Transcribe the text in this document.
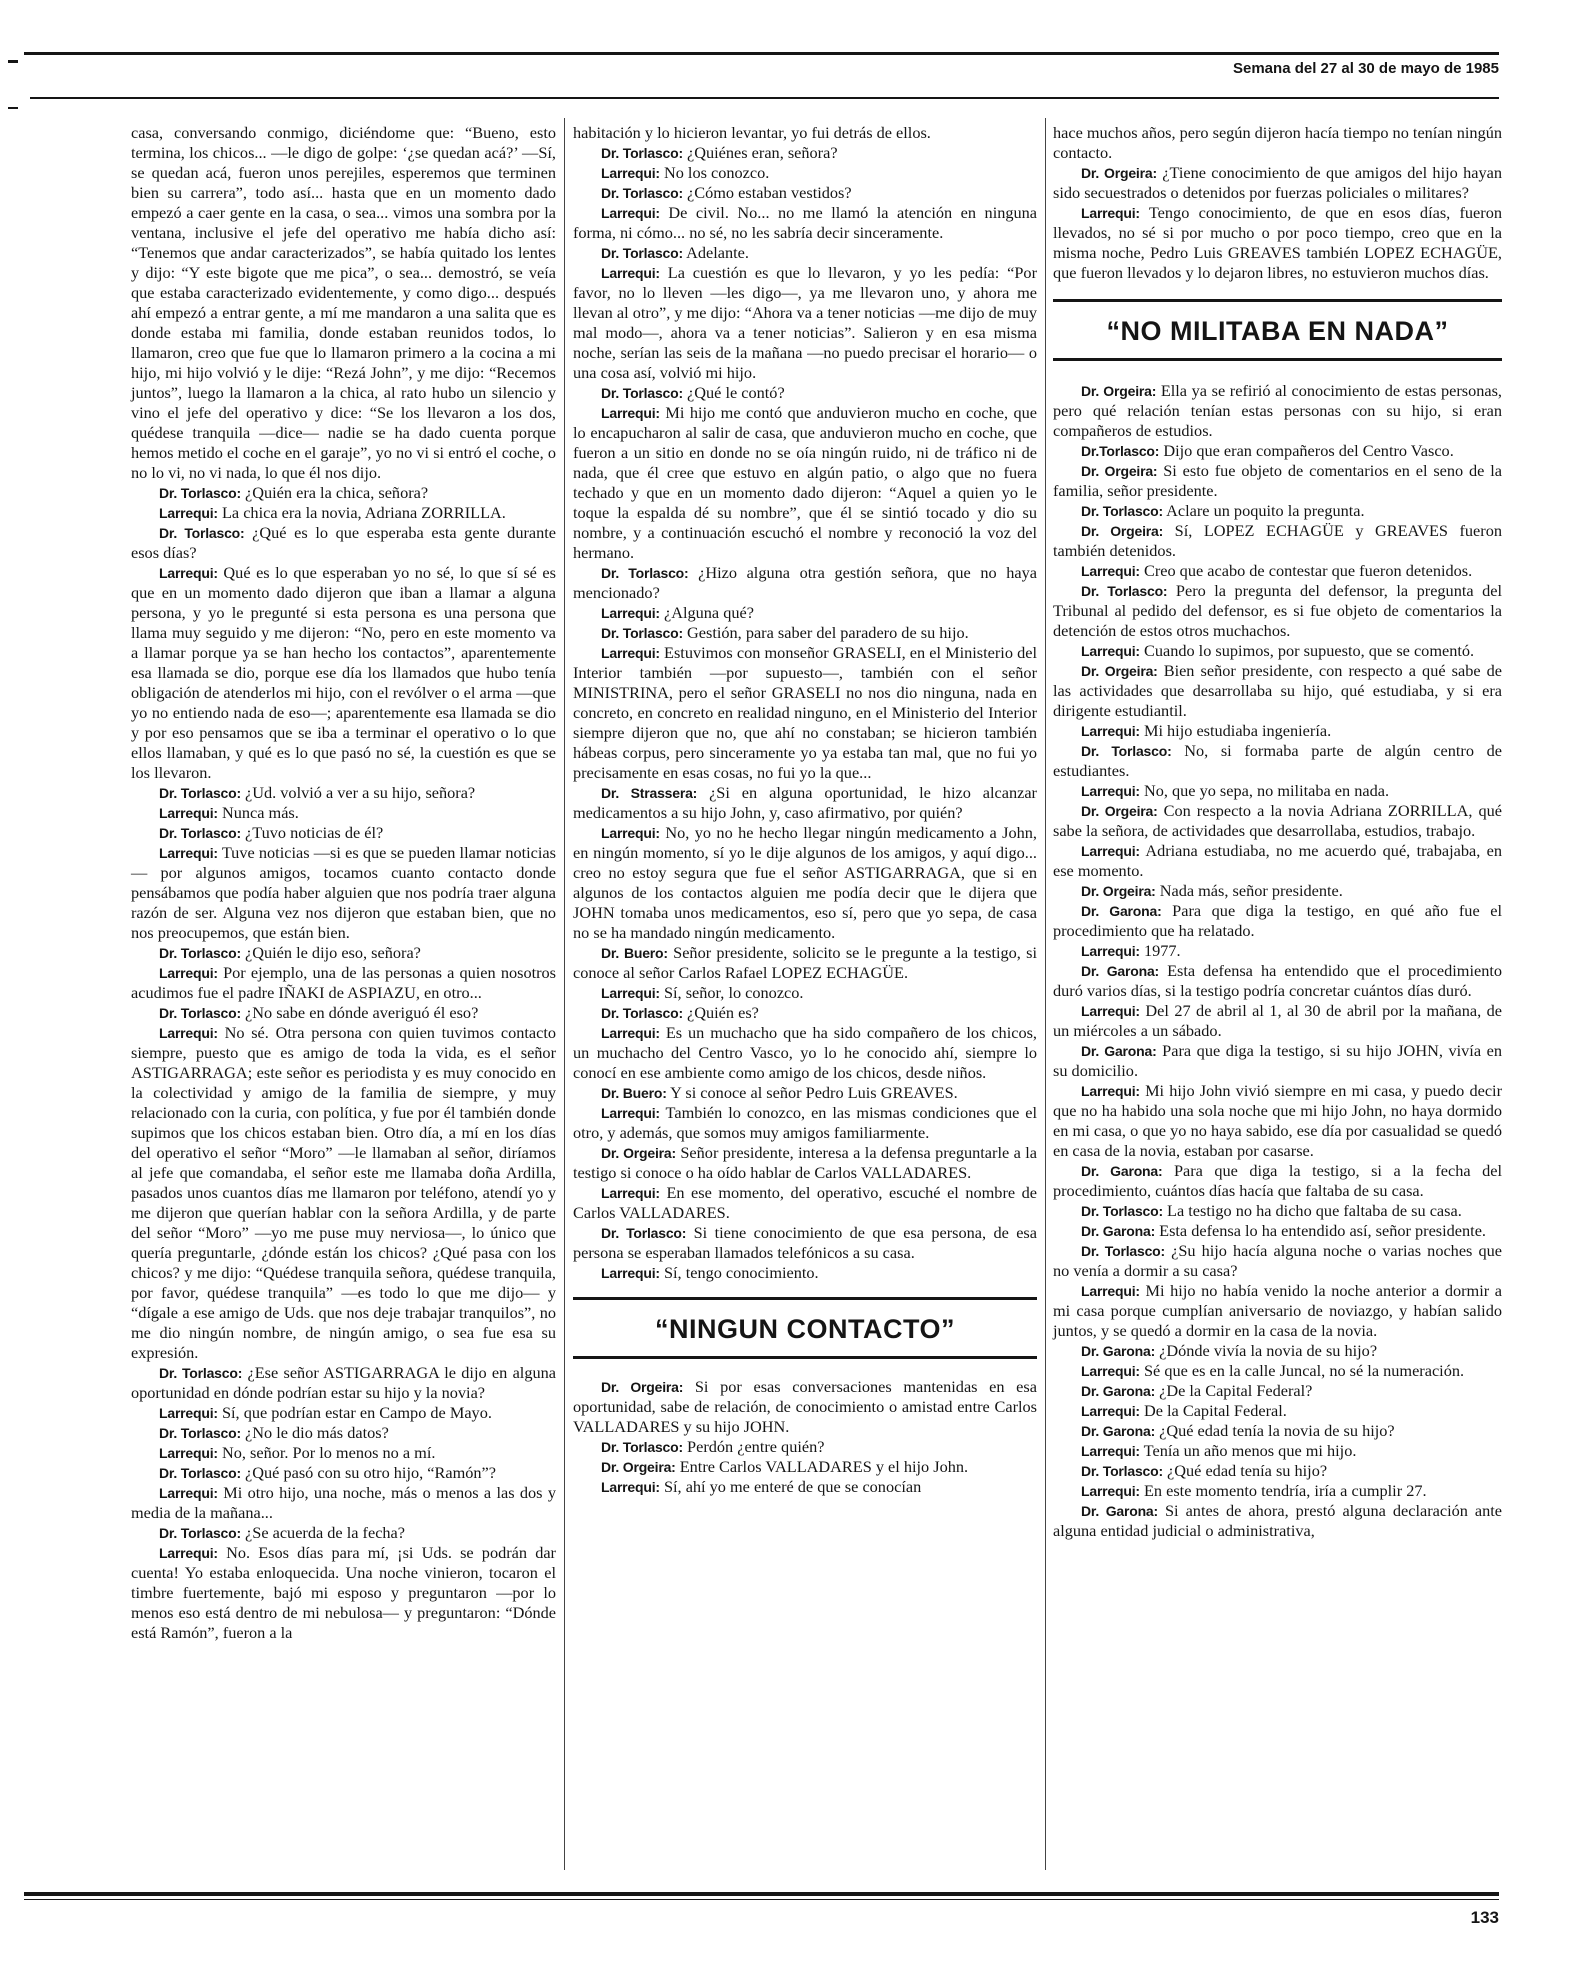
Semana del 27 al 30 de mayo de 1985

casa, conversando conmigo, diciéndome que: “Bueno, esto termina, los chicos... —le digo de golpe: ‘¿se quedan acá?’ —Sí, se quedan acá, fueron unos perejiles, esperemos que terminen bien su carrera”, todo así... hasta que en un momento dado empezó a caer gente en la casa, o sea... vimos una sombra por la ventana, inclusive el jefe del operativo me había dicho así: “Tenemos que andar caracterizados”, se había quitado los lentes y dijo: “Y este bigote que me pica”, o sea... demostró, se veía que estaba caracterizado evidentemente, y como digo... después ahí empezó a entrar gente, a mí me mandaron a una salita que es donde estaba mi familia, donde estaban reunidos todos, lo llamaron, creo que fue que lo llamaron primero a la cocina a mi hijo, mi hijo volvió y le dije: “Rezá John”, y me dijo: “Recemos juntos”, luego la llamaron a la chica, al rato hubo un silencio y vino el jefe del operativo y dice: “Se los llevaron a los dos, quédese tranquila —dice— nadie se ha dado cuenta porque hemos metido el coche en el garaje”, yo no vi si entró el coche, o no lo vi, no vi nada, lo que él nos dijo.

Dr. Torlasco: ¿Quién era la chica, señora?

Larrequi: La chica era la novia, Adriana ZORRILLA.

Dr. Torlasco: ¿Qué es lo que esperaba esta gente durante esos días?

Larrequi: Qué es lo que esperaban yo no sé, lo que sí sé es que en un momento dado dijeron que iban a llamar a alguna persona, y yo le pregunté si esta persona es una persona que llama muy seguido y me dijeron: “No, pero en este momento va a llamar porque ya se han hecho los contactos”, aparentemente esa llamada se dio, porque ese día los llamados que hubo tenía obligación de atenderlos mi hijo, con el revólver o el arma —que yo no entiendo nada de eso—; aparentemente esa llamada se dio y por eso pensamos que se iba a terminar el operativo o lo que ellos llamaban, y qué es lo que pasó no sé, la cuestión es que se los llevaron.

Dr. Torlasco: ¿Ud. volvió a ver a su hijo, señora?

Larrequi: Nunca más.

Dr. Torlasco: ¿Tuvo noticias de él?

Larrequi: Tuve noticias —si es que se pueden llamar noticias— por algunos amigos, tocamos cuanto contacto donde pensábamos que podía haber alguien que nos podría traer alguna razón de ser. Alguna vez nos dijeron que estaban bien, que no nos preocupemos, que están bien.

Dr. Torlasco: ¿Quién le dijo eso, señora?

Larrequi: Por ejemplo, una de las personas a quien nosotros acudimos fue el padre IÑAKI de ASPIAZU, en otro...

Dr. Torlasco: ¿No sabe en dónde averiguó él eso?

Larrequi: No sé. Otra persona con quien tuvimos contacto siempre, puesto que es amigo de toda la vida, es el señor ASTIGARRAGA; este señor es periodista y es muy conocido en la colectividad y amigo de la familia de siempre, y muy relacionado con la curia, con política, y fue por él también donde supimos que los chicos estaban bien. Otro día, a mí en los días del operativo el señor “Moro” —le llamaban al señor, diríamos al jefe que comandaba, el señor este me llamaba doña Ardilla, pasados unos cuantos días me llamaron por teléfono, atendí yo y me dijeron que querían hablar con la señora Ardilla, y de parte del señor “Moro” —yo me puse muy nerviosa—, lo único que quería preguntarle, ¿dónde están los chicos? ¿Qué pasa con los chicos? y me dijo: “Quédese tranquila señora, quédese tranquila, por favor, quédese tranquila” —es todo lo que me dijo— y “dígale a ese amigo de Uds. que nos deje trabajar tranquilos”, no me dio ningún nombre, de ningún amigo, o sea fue esa su expresión.

Dr. Torlasco: ¿Ese señor ASTIGARRAGA le dijo en alguna oportunidad en dónde podrían estar su hijo y la novia?

Larrequi: Sí, que podrían estar en Campo de Mayo.

Dr. Torlasco: ¿No le dio más datos?

Larrequi: No, señor. Por lo menos no a mí.

Dr. Torlasco: ¿Qué pasó con su otro hijo, “Ramón”?

Larrequi: Mi otro hijo, una noche, más o menos a las dos y media de la mañana...

Dr. Torlasco: ¿Se acuerda de la fecha?

Larrequi: No. Esos días para mí, ¡si Uds. se podrán dar cuenta! Yo estaba enloquecida. Una noche vinieron, tocaron el timbre fuertemente, bajó mi esposo y preguntaron —por lo menos eso está dentro de mi nebulosa— y preguntaron: “Dónde está Ramón”, fueron a la

habitación y lo hicieron levantar, yo fui detrás de ellos.

Dr. Torlasco: ¿Quiénes eran, señora?

Larrequi: No los conozco.

Dr. Torlasco: ¿Cómo estaban vestidos?

Larrequi: De civil. No... no me llamó la atención en ninguna forma, ni cómo... no sé, no les sabría decir sinceramente.

Dr. Torlasco: Adelante.

Larrequi: La cuestión es que lo llevaron, y yo les pedía: “Por favor, no lo lleven —les digo—, ya me llevaron uno, y ahora me llevan al otro”, y me dijo: “Ahora va a tener noticias —me dijo de muy mal modo—, ahora va a tener noticias”. Salieron y en esa misma noche, serían las seis de la mañana —no puedo precisar el horario— o una cosa así, volvió mi hijo.

Dr. Torlasco: ¿Qué le contó?

Larrequi: Mi hijo me contó que anduvieron mucho en coche, que lo encapucharon al salir de casa, que anduvieron mucho en coche, que fueron a un sitio en donde no se oía ningún ruido, ni de tráfico ni de nada, que él cree que estuvo en algún patio, o algo que no fuera techado y que en un momento dado dijeron: “Aquel a quien yo le toque la espalda dé su nombre”, que él se sintió tocado y dio su nombre, y a continuación escuchó el nombre y reconoció la voz del hermano.

Dr. Torlasco: ¿Hizo alguna otra gestión señora, que no haya mencionado?

Larrequi: ¿Alguna qué?

Dr. Torlasco: Gestión, para saber del paradero de su hijo.

Larrequi: Estuvimos con monseñor GRASELI, en el Ministerio del Interior también —por supuesto—, también con el señor MINISTRINA, pero el señor GRASELI no nos dio ninguna, nada en concreto, en concreto en realidad ninguno, en el Ministerio del Interior siempre dijeron que no, que ahí no constaban; se hicieron también hábeas corpus, pero sinceramente yo ya estaba tan mal, que no fui yo precisamente en esas cosas, no fui yo la que...

Dr. Strassera: ¿Si en alguna oportunidad, le hizo alcanzar medicamentos a su hijo John, y, caso afirmativo, por quién?

Larrequi: No, yo no he hecho llegar ningún medicamento a John, en ningún momento, sí yo le dije algunos de los amigos, y aquí digo... creo no estoy segura que fue el señor ASTIGARRAGA, que si en algunos de los contactos alguien me podía decir que le dijera que JOHN tomaba unos medicamentos, eso sí, pero que yo sepa, de casa no se ha mandado ningún medicamento.

Dr. Buero: Señor presidente, solicito se le pregunte a la testigo, si conoce al señor Carlos Rafael LOPEZ ECHAGÜE.

Larrequi: Sí, señor, lo conozco.

Dr. Torlasco: ¿Quién es?

Larrequi: Es un muchacho que ha sido compañero de los chicos, un muchacho del Centro Vasco, yo lo he conocido ahí, siempre lo conocí en ese ambiente como amigo de los chicos, desde niños.

Dr. Buero: Y si conoce al señor Pedro Luis GREAVES.

Larrequi: También lo conozco, en las mismas condiciones que el otro, y además, que somos muy amigos familiarmente.

Dr. Orgeira: Señor presidente, interesa a la defensa preguntarle a la testigo si conoce o ha oído hablar de Carlos VALLADARES.

Larrequi: En ese momento, del operativo, escuché el nombre de Carlos VALLADARES.

Dr. Torlasco: Si tiene conocimiento de que esa persona, de esa persona se esperaban llamados telefónicos a su casa.

Larrequi: Sí, tengo conocimiento.

“NINGUN CONTACTO”

Dr. Orgeira: Si por esas conversaciones mantenidas en esa oportunidad, sabe de relación, de conocimiento o amistad entre Carlos VALLADARES y su hijo JOHN.

Dr. Torlasco: Perdón ¿entre quién?

Dr. Orgeira: Entre Carlos VALLADARES y el hijo John.

Larrequi: Sí, ahí yo me enteré de que se conocían

hace muchos años, pero según dijeron hacía tiempo no tenían ningún contacto.

Dr. Orgeira: ¿Tiene conocimiento de que amigos del hijo hayan sido secuestrados o detenidos por fuerzas policiales o militares?

Larrequi: Tengo conocimiento, de que en esos días, fueron llevados, no sé si por mucho o por poco tiempo, creo que en la misma noche, Pedro Luis GREAVES también LOPEZ ECHAGÜE, que fueron llevados y lo dejaron libres, no estuvieron muchos días.

“NO MILITABA EN NADA”

Dr. Orgeira: Ella ya se refirió al conocimiento de estas personas, pero qué relación tenían estas personas con su hijo, si eran compañeros de estudios.

Dr.Torlasco: Dijo que eran compañeros del Centro Vasco.

Dr. Orgeira: Si esto fue objeto de comentarios en el seno de la familia, señor presidente.

Dr. Torlasco: Aclare un poquito la pregunta.

Dr. Orgeira: Sí, LOPEZ ECHAGÜE y GREAVES fueron también detenidos.

Larrequi: Creo que acabo de contestar que fueron detenidos.

Dr. Torlasco: Pero la pregunta del defensor, la pregunta del Tribunal al pedido del defensor, es si fue objeto de comentarios la detención de estos otros muchachos.

Larrequi: Cuando lo supimos, por supuesto, que se comentó.

Dr. Orgeira: Bien señor presidente, con respecto a qué sabe de las actividades que desarrollaba su hijo, qué estudiaba, y si era dirigente estudiantil.

Larrequi: Mi hijo estudiaba ingeniería.

Dr. Torlasco: No, si formaba parte de algún centro de estudiantes.

Larrequi: No, que yo sepa, no militaba en nada.

Dr. Orgeira: Con respecto a la novia Adriana ZORRILLA, qué sabe la señora, de actividades que desarrollaba, estudios, trabajo.

Larrequi: Adriana estudiaba, no me acuerdo qué, trabajaba, en ese momento.

Dr. Orgeira: Nada más, señor presidente.

Dr. Garona: Para que diga la testigo, en qué año fue el procedimiento que ha relatado.

Larrequi: 1977.

Dr. Garona: Esta defensa ha entendido que el procedimiento duró varios días, si la testigo podría concretar cuántos días duró.

Larrequi: Del 27 de abril al 1, al 30 de abril por la mañana, de un miércoles a un sábado.

Dr. Garona: Para que diga la testigo, si su hijo JOHN, vivía en su domicilio.

Larrequi: Mi hijo John vivió siempre en mi casa, y puedo decir que no ha habido una sola noche que mi hijo John, no haya dormido en mi casa, o que yo no haya sabido, ese día por casualidad se quedó en casa de la novia, estaban por casarse.

Dr. Garona: Para que diga la testigo, si a la fecha del procedimiento, cuántos días hacía que faltaba de su casa.

Dr. Torlasco: La testigo no ha dicho que faltaba de su casa.

Dr. Garona: Esta defensa lo ha entendido así, señor presidente.

Dr. Torlasco: ¿Su hijo hacía alguna noche o varias noches que no venía a dormir a su casa?

Larrequi: Mi hijo no había venido la noche anterior a dormir a mi casa porque cumplían aniversario de noviazgo, y habían salido juntos, y se quedó a dormir en la casa de la novia.

Dr. Garona: ¿Dónde vivía la novia de su hijo?

Larrequi: Sé que es en la calle Juncal, no sé la numeración.

Dr. Garona: ¿De la Capital Federal?

Larrequi: De la Capital Federal.

Dr. Garona: ¿Qué edad tenía la novia de su hijo?

Larrequi: Tenía un año menos que mi hijo.

Dr. Torlasco: ¿Qué edad tenía su hijo?

Larrequi: En este momento tendría, iría a cumplir 27.

Dr. Garona: Si antes de ahora, prestó alguna declaración ante alguna entidad judicial o administrativa,

133
